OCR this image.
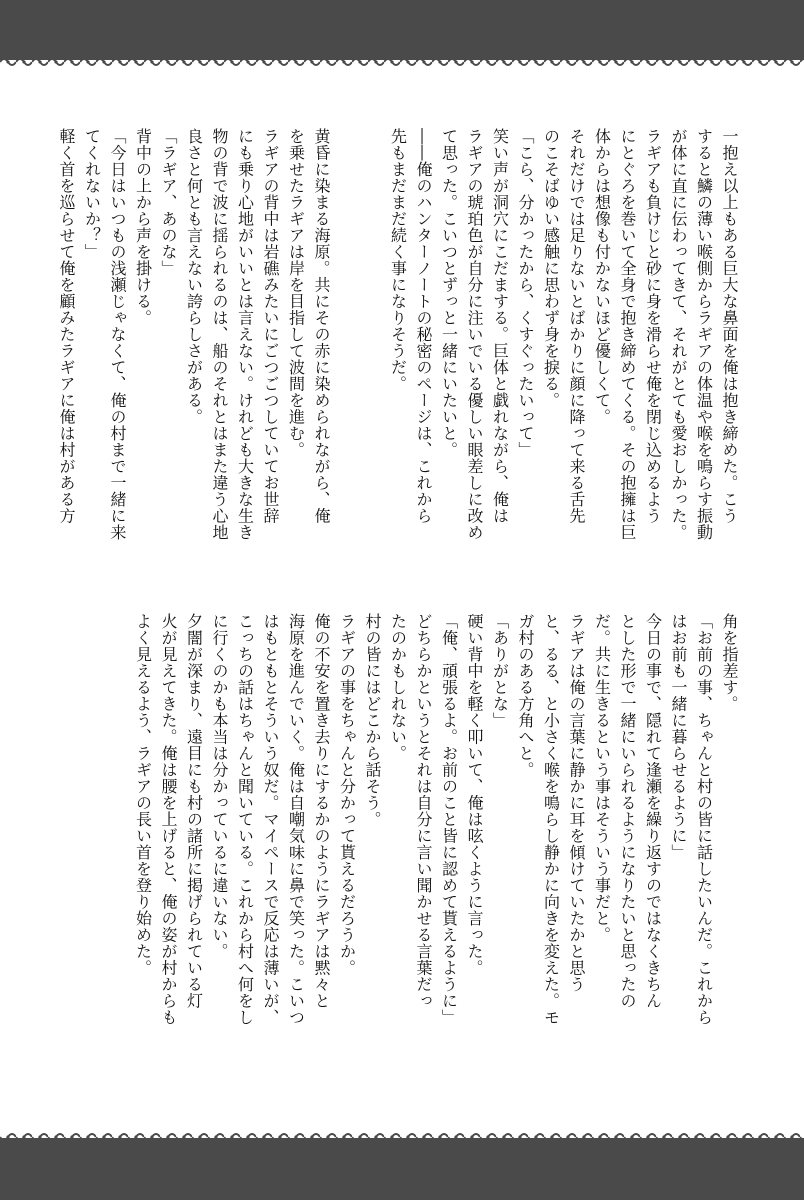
一抱え以上もある巨大な鼻面を俺は抱き締めた。こう
すると鱗の薄い喉側からラギアの体温や喉を鳴らす振動
が体に直に伝わってきて、それがとても愛おしかった。
ラギアも負けじと砂に身を滑らせ俺を閉じ込めるよう
にとぐろを巻いて全身で抱き締めてくる。その抱擁は巨
体からは想像も付かないほど優しくて。
それだけでは足りないとばかりに顔に降って来る舌先
のこそばゆい感触に思わず身を捩る。
「こら、分かったから、くすぐったいって」
笑い声が洞穴にこだまする。巨体と戯れながら、俺は
ラギアの琥珀色が自分に注いでいる優しい眼差しに改め
て思った。こいつとずっと一緒にいたいと。
――俺のハンターノートの秘密のページは、これから
先もまだまだ続く事になりそうだ。

黄昏に染まる海原。共にその赤に染められながら、俺
を乗せたラギアは岸を目指して波間を進む。
ラギアの背中は岩礁みたいにごつごつしていてお世辞
にも乗り心地がいいとは言えない。けれども大きな生き
物の背で波に揺られるのは、船のそれとはまた違う心地
良さと何とも言えない誇らしさがある。
「ラギア、あのな」
背中の上から声を掛ける。
「今日はいつもの浅瀬じゃなくて、俺の村まで一緒に来
てくれないか？」
軽く首を巡らせて俺を顧みたラギアに俺は村がある方
角を指差す。
「お前の事、ちゃんと村の皆に話したいんだ。これから
はお前も一緒に暮らせるように」
今日の事で、隠れて逢瀬を繰り返すのではなくきちん
とした形で一緒にいられるようになりたいと思ったの
だ。共に生きるという事はそういう事だと。
ラギアは俺の言葉に静かに耳を傾けていたかと思う
と、るる、と小さく喉を鳴らし静かに向きを変えた。モ
ガ村のある方角へと。
「ありがとな」
硬い背中を軽く叩いて、俺は呟くように言った。
「俺、頑張るよ。お前のこと皆に認めて貰えるように」
どちらかというとそれは自分に言い聞かせる言葉だっ
たのかもしれない。
村の皆にはどこから話そう。
ラギアの事をちゃんと分かって貰えるだろうか。
俺の不安を置き去りにするかのようにラギアは黙々と
海原を進んでいく。俺は自嘲気味に鼻で笑った。こいつ
はもともとそういう奴だ。マイペースで反応は薄いが、
こっちの話はちゃんと聞いている。これから村へ何をし
に行くのかも本当は分かっているに違いない。
夕闇が深まり、遠目にも村の諸所に掲げられている灯
火が見えてきた。俺は腰を上げると、俺の姿が村からも
よく見えるよう、ラギアの長い首を登り始めた。
